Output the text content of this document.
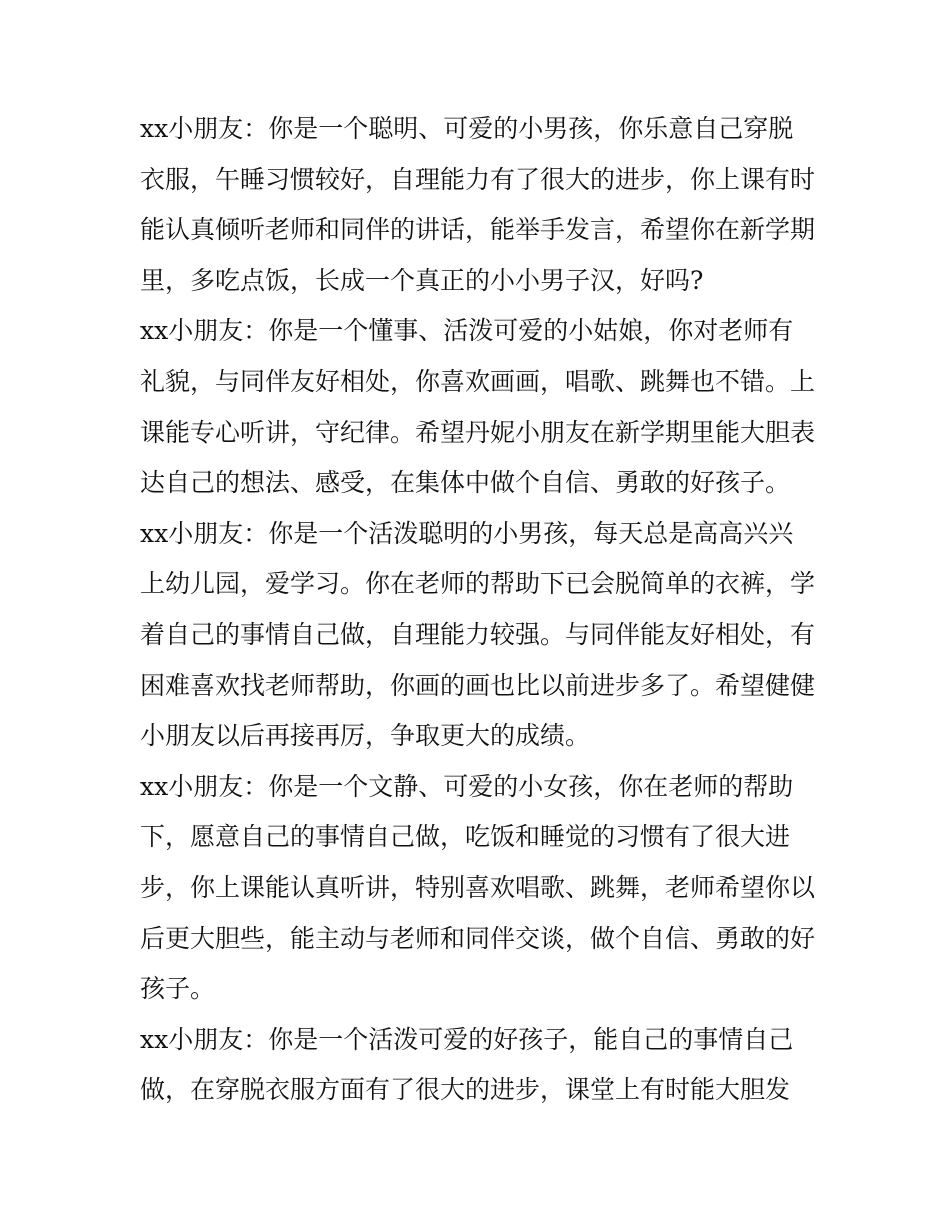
xx小朋友：你是一个聪明、可爱的小男孩，你乐意自己穿脱
衣服，午睡习惯较好，自理能力有了很大的进步，你上课有时
能认真倾听老师和同伴的讲话，能举手发言，希望你在新学期
里，多吃点饭，长成一个真正的小小男子汉，好吗?
xx小朋友：你是一个懂事、活泼可爱的小姑娘，你对老师有
礼貌，与同伴友好相处，你喜欢画画，唱歌、跳舞也不错。上
课能专心听讲，守纪律。希望丹妮小朋友在新学期里能大胆表
达自己的想法、感受，在集体中做个自信、勇敢的好孩子。
xx小朋友：你是一个活泼聪明的小男孩，每天总是高高兴兴
上幼儿园，爱学习。你在老师的帮助下已会脱简单的衣裤，学
着自己的事情自己做，自理能力较强。与同伴能友好相处，有
困难喜欢找老师帮助，你画的画也比以前进步多了。希望健健
小朋友以后再接再厉，争取更大的成绩。
xx小朋友：你是一个文静、可爱的小女孩，你在老师的帮助
下，愿意自己的事情自己做，吃饭和睡觉的习惯有了很大进
步，你上课能认真听讲，特别喜欢唱歌、跳舞，老师希望你以
后更大胆些，能主动与老师和同伴交谈，做个自信、勇敢的好
孩子。
xx小朋友：你是一个活泼可爱的好孩子，能自己的事情自己
做，在穿脱衣服方面有了很大的进步，课堂上有时能大胆发
